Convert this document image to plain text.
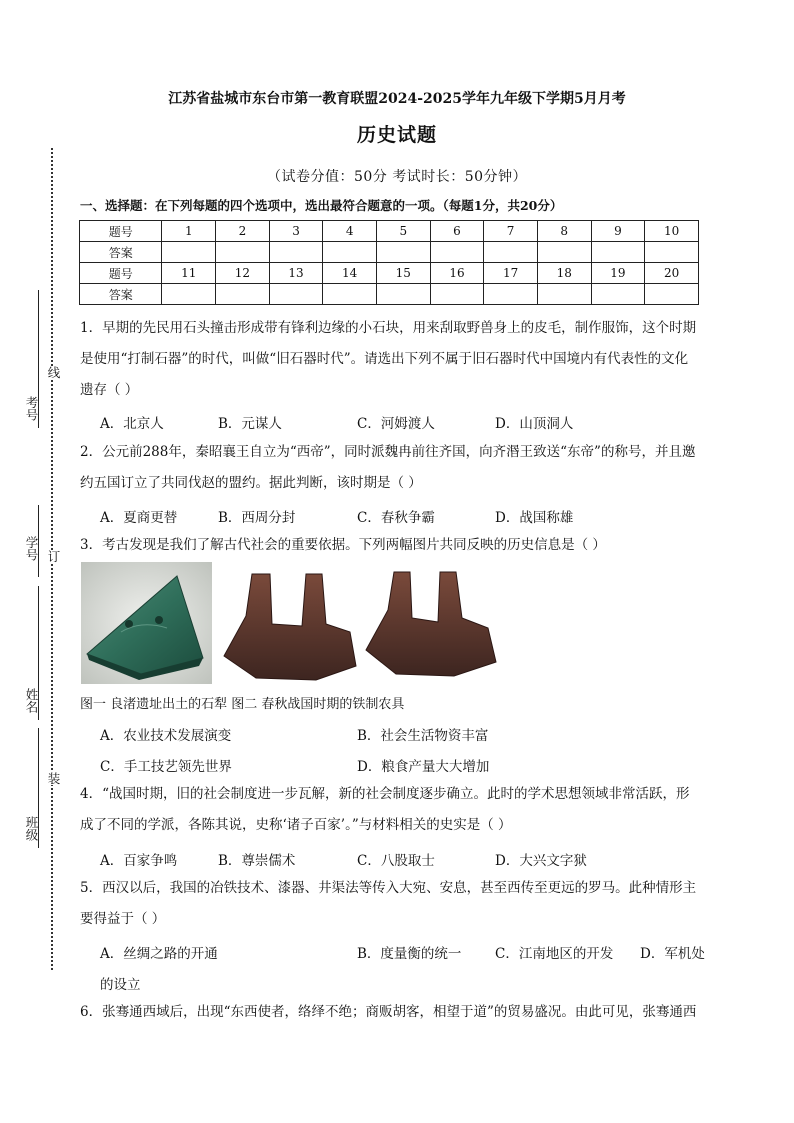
江苏省盐城市东台市第一教育联盟2024-2025学年九年级下学期5月月考
历史试题
（试卷分值：50分 考试时长：50分钟）
考号
学号
姓名
班级
线
订
装
一、选择题：在下列每题的四个选项中，选出最符合题意的一项。（每题1分，共20分）
题号	1	2	3	4	5	6	7	8	9	10
答案										
题号	11	12	13	14	15	16	17	18	19	20
答案										
1．早期的先民用石头撞击形成带有锋利边缘的小石块，用来刮取野兽身上的皮毛，制作服饰，这个时期
是使用“打制石器”的时代，叫做“旧石器时代”。请选出下列不属于旧石器时代中国境内有代表性的文化
遗存（ ）
A．北京人	B．元谋人	C．河姆渡人	D．山顶洞人
2．公元前288年，秦昭襄王自立为“西帝”，同时派魏冉前往齐国，向齐湣王致送“东帝”的称号，并且邀
约五国订立了共同伐赵的盟约。据此判断，该时期是（ ）
A．夏商更替	B．西周分封	C．春秋争霸	D．战国称雄
3．考古发现是我们了解古代社会的重要依据。下列两幅图片共同反映的历史信息是（ ）
图一 良渚遗址出土的石犁 图二 春秋战国时期的铁制农具
A．农业技术发展演变	B．社会生活物资丰富
C．手工技艺领先世界	D．粮食产量大大增加
4．“战国时期，旧的社会制度进一步瓦解，新的社会制度逐步确立。此时的学术思想领域非常活跃，形
成了不同的学派，各陈其说，史称‘诸子百家’。”与材料相关的史实是（ ）
A．百家争鸣	B．尊崇儒术	C．八股取士	D．大兴文字狱
5．西汉以后，我国的冶铁技术、漆器、井渠法等传入大宛、安息，甚至西传至更远的罗马。此种情形主
要得益于（ ）
A．丝绸之路的开通	B．度量衡的统一 C．江南地区的开发 D．军机处
的设立
6．张骞通西域后，出现“东西使者，络绎不绝；商贩胡客，相望于道”的贸易盛况。由此可见，张骞通西
